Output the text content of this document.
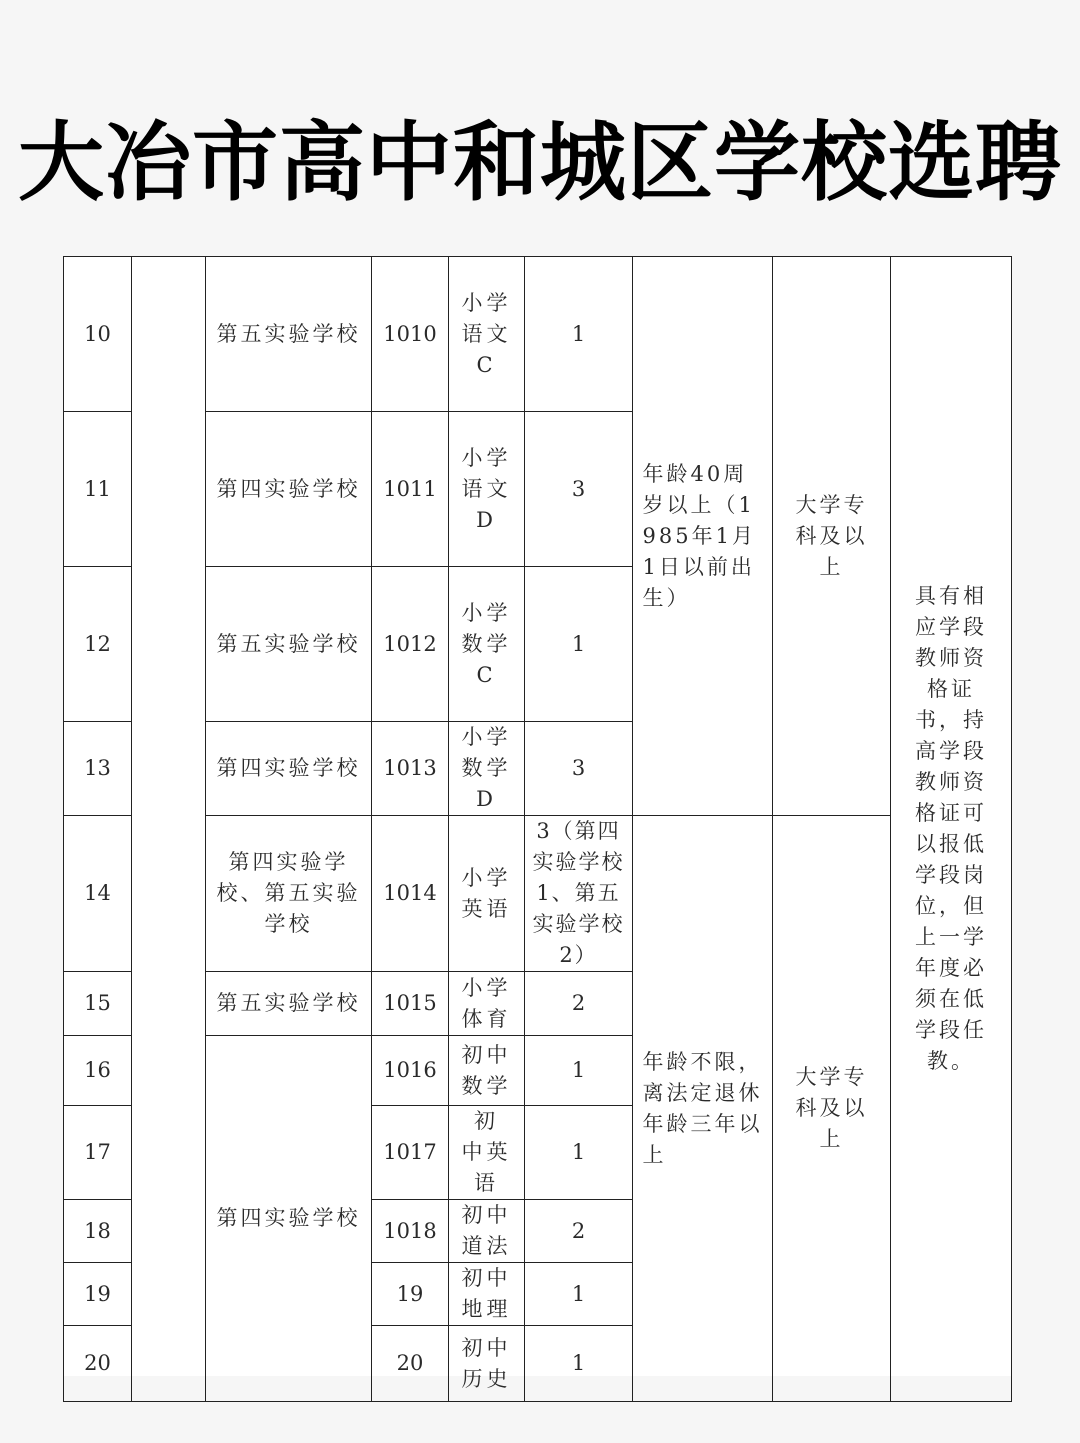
大冶市高中和城区学校选聘
10		第五实验学校	1010	小学语文C	1	年龄40周岁以上（1985年1月1日以前出生）	大学专科及以上	具有相应学段教师资格证书，持高学段教师资格证可以报低学段岗位，但上一学年度必须在低学段任教。
11		第四实验学校	1011	小学语文D	3			
12		第五实验学校	1012	小学数学C	1			
13		第四实验学校	1013	小学数学D	3			
14		第四实验学校、第五实验学校	1014	小学英语	3（第四实验学校1、第五实验学校2）	年龄不限，离法定退休年龄三年以上	大学专科及以上	
15		第五实验学校	1015	小学体育	2			
16		第四实验学校	1016	初中数学	1			
17			1017	初 中英语	1			
18			1018	初中道法	2			
19			19	初中地理	1			
20			20	初中历史	1			
